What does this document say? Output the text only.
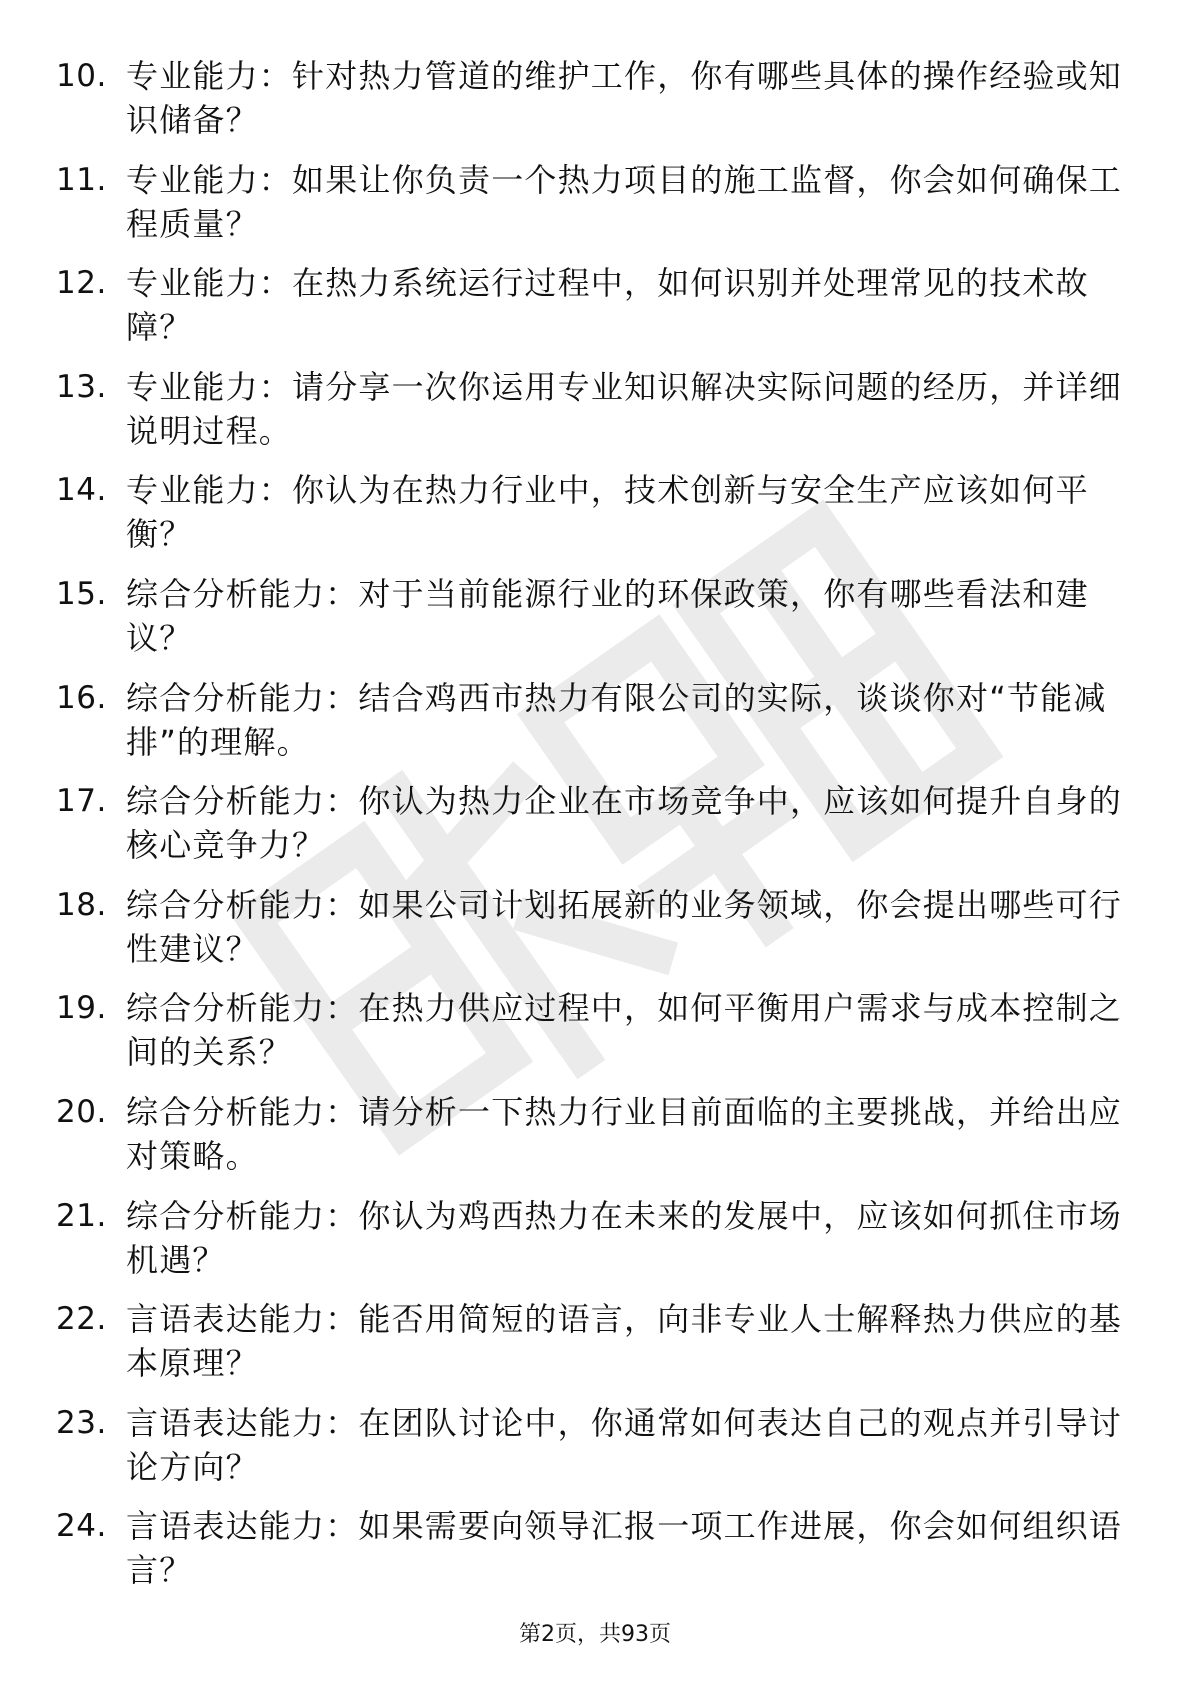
10. 专业能力：针对热力管道的维护工作，你有哪些具体的操作经验或知识储备？
11. 专业能力：如果让你负责一个热力项目的施工监督，你会如何确保工程质量？
12. 专业能力：在热力系统运行过程中，如何识别并处理常见的技术故障？
13. 专业能力：请分享一次你运用专业知识解决实际问题的经历，并详细说明过程。
14. 专业能力：你认为在热力行业中，技术创新与安全生产应该如何平衡？
15. 综合分析能力：对于当前能源行业的环保政策，你有哪些看法和建议？
16. 综合分析能力：结合鸡西市热力有限公司的实际，谈谈你对“节能减排”的理解。
17. 综合分析能力：你认为热力企业在市场竞争中，应该如何提升自身的核心竞争力？
18. 综合分析能力：如果公司计划拓展新的业务领域，你会提出哪些可行性建议？
19. 综合分析能力：在热力供应过程中，如何平衡用户需求与成本控制之间的关系？
20. 综合分析能力：请分析一下热力行业目前面临的主要挑战，并给出应对策略。
21. 综合分析能力：你认为鸡西热力在未来的发展中，应该如何抓住市场机遇？
22. 言语表达能力：能否用简短的语言，向非专业人士解释热力供应的基本原理？
23. 言语表达能力：在团队讨论中，你通常如何表达自己的观点并引导讨论方向？
24. 言语表达能力：如果需要向领导汇报一项工作进展，你会如何组织语言？
第2页，共93页
